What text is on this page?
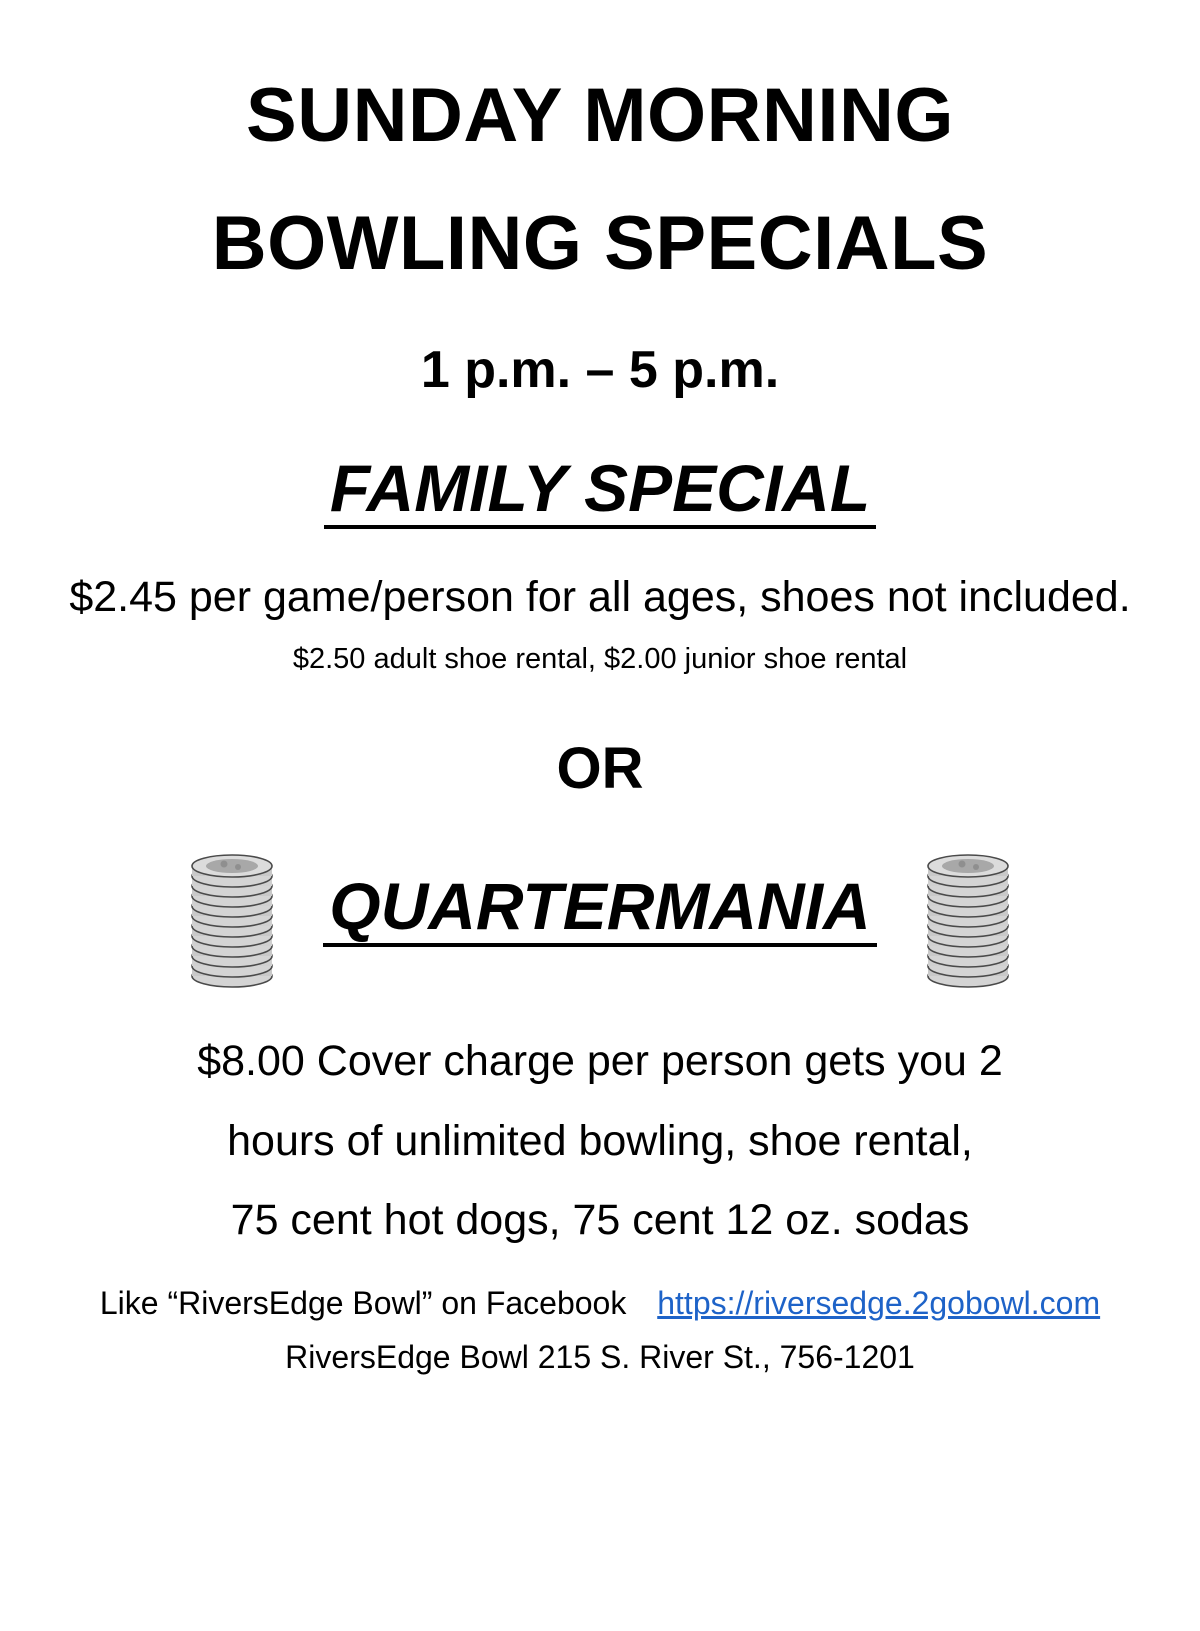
SUNDAY MORNING
BOWLING SPECIALS
1 p.m. – 5 p.m.
FAMILY SPECIAL
$2.45 per game/person for all ages, shoes not included. $2.50 adult shoe rental, $2.00 junior shoe rental
OR
QUARTERMANIA
$8.00 Cover charge per person gets you 2
hours of unlimited bowling, shoe rental,
75 cent hot dogs, 75 cent 12 oz. sodas
Like “RiversEdge Bowl” on Facebook https://riversedge.2gobowl.com
RiversEdge Bowl 215 S. River St., 756-1201
